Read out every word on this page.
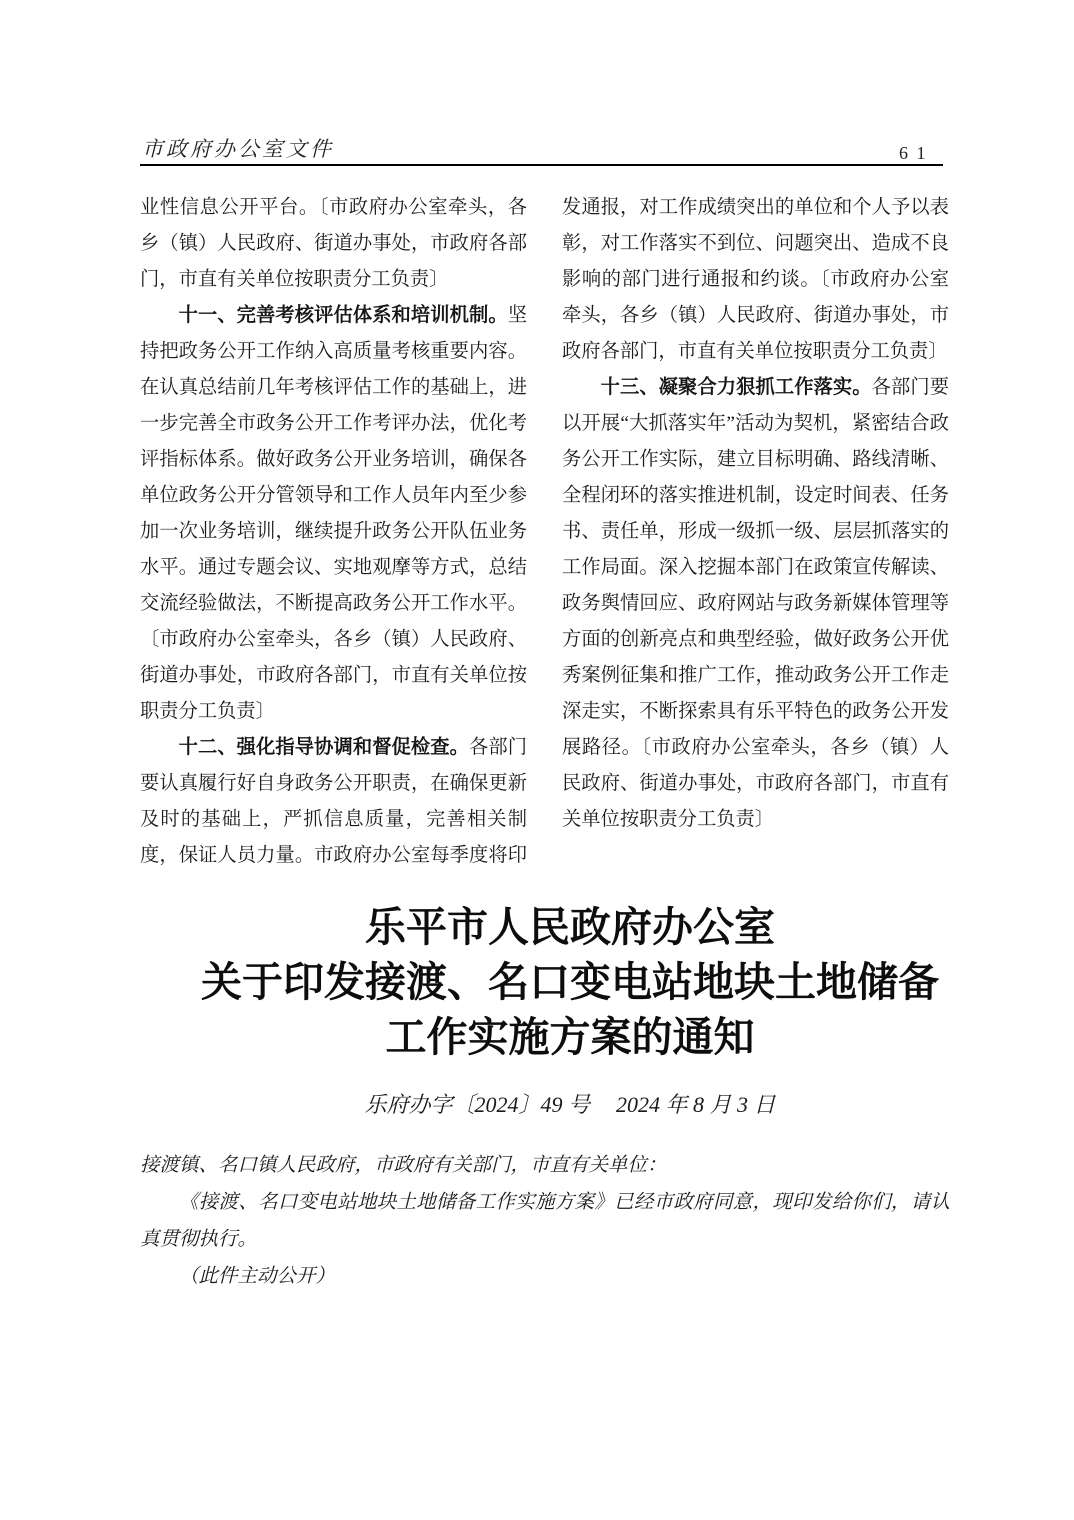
市政府办公室文件	6 1

业性信息公开平台。〔市政府办公室牵头，各乡（镇）人民政府、街道办事处，市政府各部门，市直有关单位按职责分工负责〕

十一、完善考核评估体系和培训机制。坚持把政务公开工作纳入高质量考核重要内容。在认真总结前几年考核评估工作的基础上，进一步完善全市政务公开工作考评办法，优化考评指标体系。做好政务公开业务培训，确保各单位政务公开分管领导和工作人员年内至少参加一次业务培训，继续提升政务公开队伍业务水平。通过专题会议、实地观摩等方式，总结交流经验做法，不断提高政务公开工作水平。〔市政府办公室牵头，各乡（镇）人民政府、街道办事处，市政府各部门，市直有关单位按职责分工负责〕

十二、强化指导协调和督促检查。各部门要认真履行好自身政务公开职责，在确保更新及时的基础上，严抓信息质量，完善相关制度，保证人员力量。市政府办公室每季度将印发通报，对工作成绩突出的单位和个人予以表彰，对工作落实不到位、问题突出、造成不良影响的部门进行通报和约谈。〔市政府办公室牵头，各乡（镇）人民政府、街道办事处，市政府各部门，市直有关单位按职责分工负责〕

十三、凝聚合力狠抓工作落实。各部门要以开展“大抓落实年”活动为契机，紧密结合政务公开工作实际，建立目标明确、路线清晰、全程闭环的落实推进机制，设定时间表、任务书、责任单，形成一级抓一级、层层抓落实的工作局面。深入挖掘本部门在政策宣传解读、政务舆情回应、政府网站与政务新媒体管理等方面的创新亮点和典型经验，做好政务公开优秀案例征集和推广工作，推动政务公开工作走深走实，不断探索具有乐平特色的政务公开发展路径。〔市政府办公室牵头，各乡（镇）人民政府、街道办事处，市政府各部门，市直有关单位按职责分工负责〕

乐平市人民政府办公室
关于印发接渡、名口变电站地块土地储备
工作实施方案的通知
乐府办字〔2024〕49 号 2024 年 8 月 3 日

接渡镇、名口镇人民政府，市政府有关部门，市直有关单位：

《接渡、名口变电站地块土地储备工作实施方案》已经市政府同意，现印发给你们，请认真贯彻执行。

（此件主动公开）
